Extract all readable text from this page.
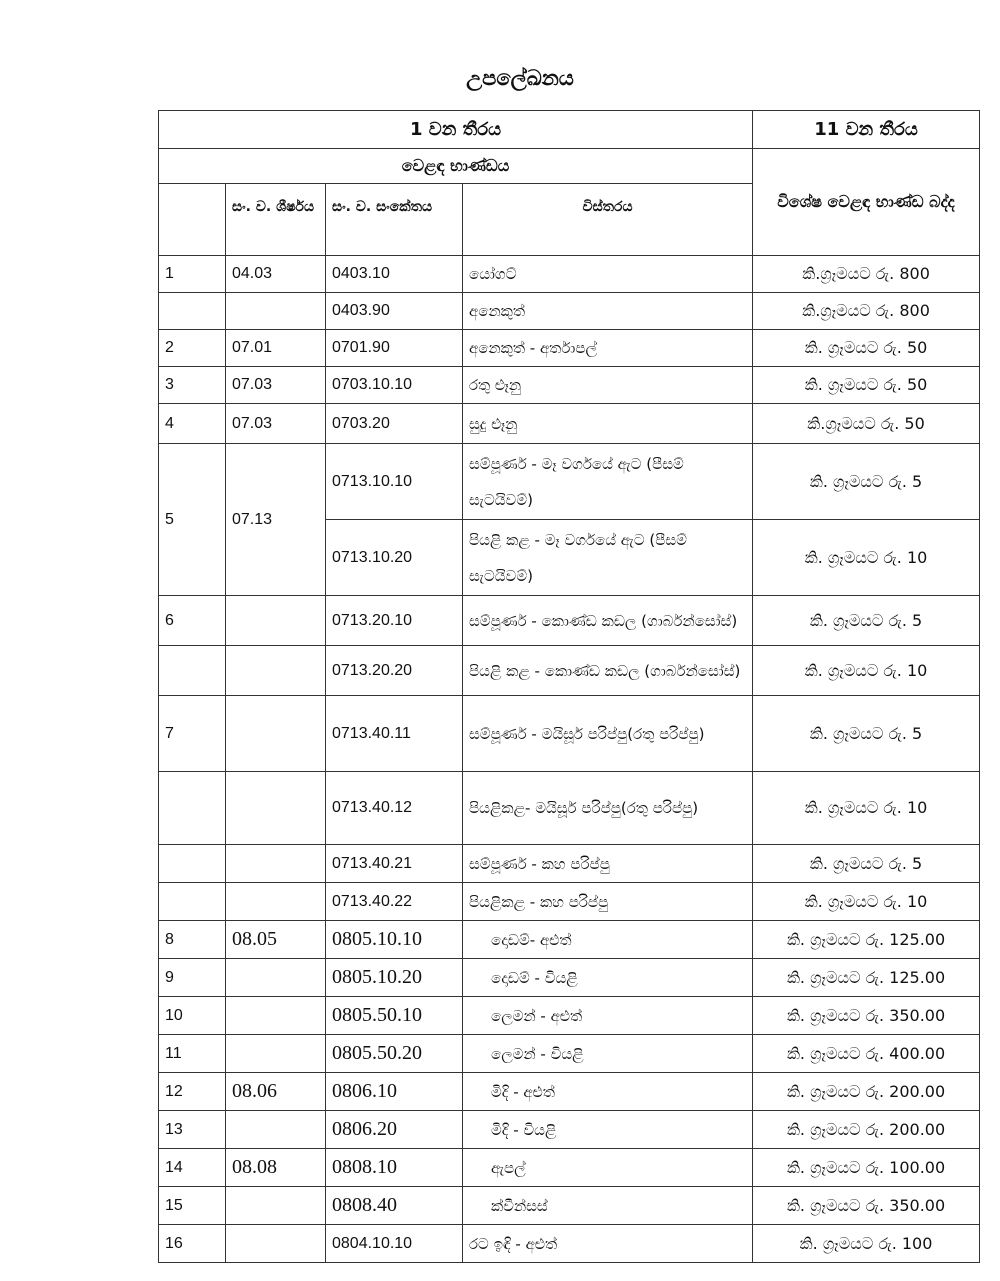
උපලේඛනය
1 වන තීරය				11 වන තීරය
වෙළඳ භාණ්ඩය				විශේෂ වෙළඳ භාණ්ඩ බද්ද
	සං. ව. ශීර්ෂය	සං. ව. සංකේතය	විස්තරය	
1	04.03	0403.10	යෝගට්	කි.ග්‍රෑමයට රු. 800
		0403.90	අනෙකුත්	කි.ග්‍රෑමයට රු. 800
2	07.01	0701.90	අනෙකුත් - අර්තාපල්	කි. ග්‍රෑමයට රු. 50
3	07.03	0703.10.10	රතු ළූනු	කි. ග්‍රෑමයට රු. 50
4	07.03	0703.20	සුදු ළූනු	කි.ග්‍රෑමයට රු. 50
5	07.13	0713.10.10	සම්පූර්ණ - මෑ වර්ගයේ ඇට (පීසම් සැටයිවම්)	කි. ග්‍රෑමයට රු. 5
		0713.10.20	පියළි කළ - මෑ වර්ගයේ ඇට (පීසම් සැටයිවම්)	කි. ග්‍රෑමයට රු. 10
6		0713.20.10	සම්පූර්ණ - කොණ්ඩ කඩල (ගාර්බන්සෝස්)	කි. ග්‍රෑමයට රු. 5
		0713.20.20	පියළි කළ - කොණ්ඩ කඩල (ගාර්බන්සෝස්)	කි. ග්‍රෑමයට රු. 10
7		0713.40.11	සම්පූර්ණ - මයිසූර් පරිප්පු(රතු පරිප්පු)	කි. ග්‍රෑමයට රු. 5
		0713.40.12	පියළිකළ- මයිසූර් පරිප්පු(රතු පරිප්පු)	කි. ග්‍රෑමයට රු. 10
		0713.40.21	සම්පූර්ණ - කහ පරිප්පු	කි. ග්‍රෑමයට රු. 5
		0713.40.22	පියළිකළ - කහ පරිප්පු	කි. ග්‍රෑමයට රු. 10
8	08.05	0805.10.10	දොඩම්- අළුත්	කි. ග්‍රෑමයට රු. 125.00
9		0805.10.20	දොඩම් - වියළි	කි. ග්‍රෑමයට රු. 125.00
10		0805.50.10	ලෙමන් - අළුත්	කි. ග්‍රෑමයට රු. 350.00
11		0805.50.20	ලෙමන් - වියළි	කි. ග්‍රෑමයට රු. 400.00
12	08.06	0806.10	මිදි - අළුත්	කි. ග්‍රෑමයට රු. 200.00
13		0806.20	මිදි - වියළි	කි. ග්‍රෑමයට රු. 200.00
14	08.08	0808.10	ඇපල්	කි. ග්‍රෑමයට රු. 100.00
15		0808.40	ක්වීන්සස්	කි. ග්‍රෑමයට රු. 350.00
16		0804.10.10	රට ඉඳි - අළුත්	කි. ග්‍රෑමයට රු. 100
